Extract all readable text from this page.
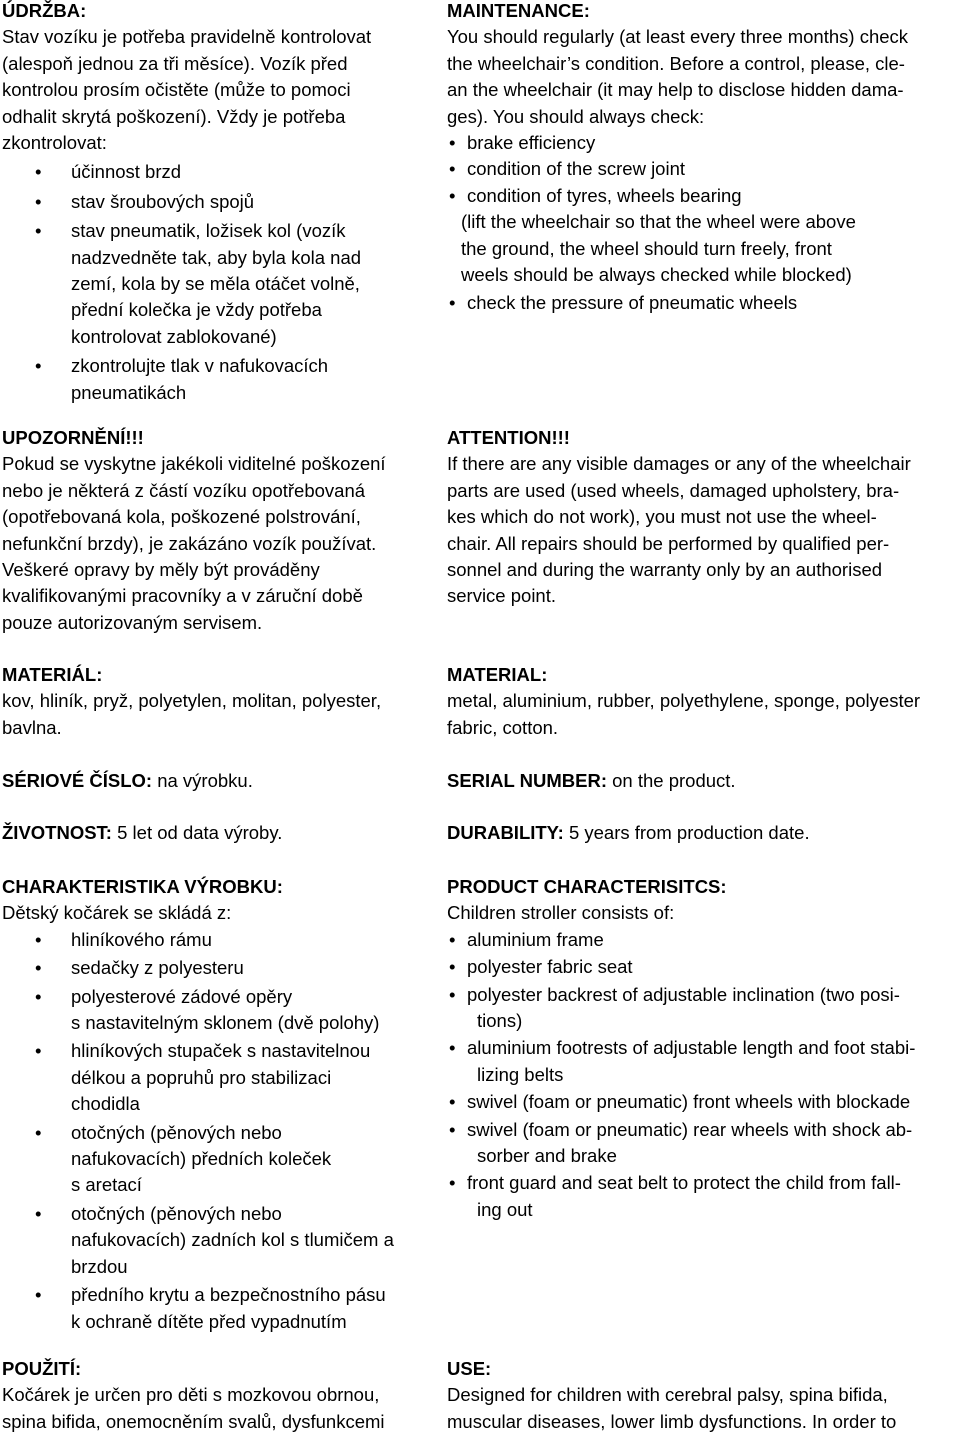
ÚDRŽBA:

Stav vozíku je potřeba pravidelně kontrolovat
(alespoň jednou za tři měsíce). Vozík před
kontrolou prosím očistěte (může to pomoci
odhalit skrytá poškození). Vždy je potřeba
zkontrolovat:

• účinnost brzd
• stav šroubových spojů
• stav pneumatik, ložisek kol (vozík
nadzvedněte tak, aby byla kola nad
zemí, kola by se měla otáčet volně,
přední kolečka je vždy potřeba
kontrolovat zablokované)
• zkontrolujte tlak v nafukovacích
pneumatikách

UPOZORNĚNÍ!!!

Pokud se vyskytne jakékoli viditelné poškození
nebo je některá z částí vozíku opotřebovaná
(opotřebovaná kola, poškozené polstrování,
nefunkční brzdy), je zakázáno vozík používat.
Veškeré opravy by měly být prováděny
kvalifikovanými pracovníky a v záruční době
pouze autorizovaným servisem.

MATERIÁL:

kov, hliník, pryž, polyetylen, molitan, polyester,
bavlna.

SÉRIOVÉ ČÍSLO: na výrobku.

ŽIVOTNOST: 5 let od data výroby.

CHARAKTERISTIKA VÝROBKU:

Dětský kočárek se skládá z:

• hliníkového rámu
• sedačky z polyesteru
• polyesterové zádové opěry
s nastavitelným sklonem (dvě polohy)
• hliníkových stupaček s nastavitelnou
délkou a popruhů pro stabilizaci
chodidla
• otočných (pěnových nebo
nafukovacích) předních koleček
s aretací
• otočných (pěnových nebo
nafukovacích) zadních kol s tlumičem a
brzdou
• předního krytu a bezpečnostního pásu
k ochraně dítěte před vypadnutím

POUŽITÍ:

Kočárek je určen pro děti s mozkovou obrnou,
spina bifida, onemocněním svalů, dysfunkcemi

MAINTENANCE:

You should regularly (at least every three months) check
the wheelchair’s condition. Before a control, please, cle-
an the wheelchair (it may help to disclose hidden dama-
ges). You should always check:

• brake efficiency
• condition of the screw joint
• condition of tyres, wheels bearing

(lift the wheelchair so that the wheel were above
the ground, the wheel should turn freely, front
weels should be always checked while blocked)

• check the pressure of pneumatic wheels

ATTENTION!!!

If there are any visible damages or any of the wheelchair
parts are used (used wheels, damaged upholstery, bra-
kes which do not work), you must not use the wheel-
chair. All repairs should be performed by qualified per-
sonnel and during the warranty only by an authorised
service point.

MATERIAL:

metal, aluminium, rubber, polyethylene, sponge, polyester
fabric, cotton.

SERIAL NUMBER: on the product.

DURABILITY: 5 years from production date.

PRODUCT CHARACTERISITCS:

Children stroller consists of:

• aluminium frame
• polyester fabric seat
• polyester backrest of adjustable inclination (two posi-
tions)
• aluminium footrests of adjustable length and foot stabi-
lizing belts
• swivel (foam or pneumatic) front wheels with blockade
• swivel (foam or pneumatic) rear wheels with shock ab-
sorber and brake
• front guard and seat belt to protect the child from fall-
ing out

USE:

Designed for children with cerebral palsy, spina bifida,
muscular diseases, lower limb dysfunctions. In order to
